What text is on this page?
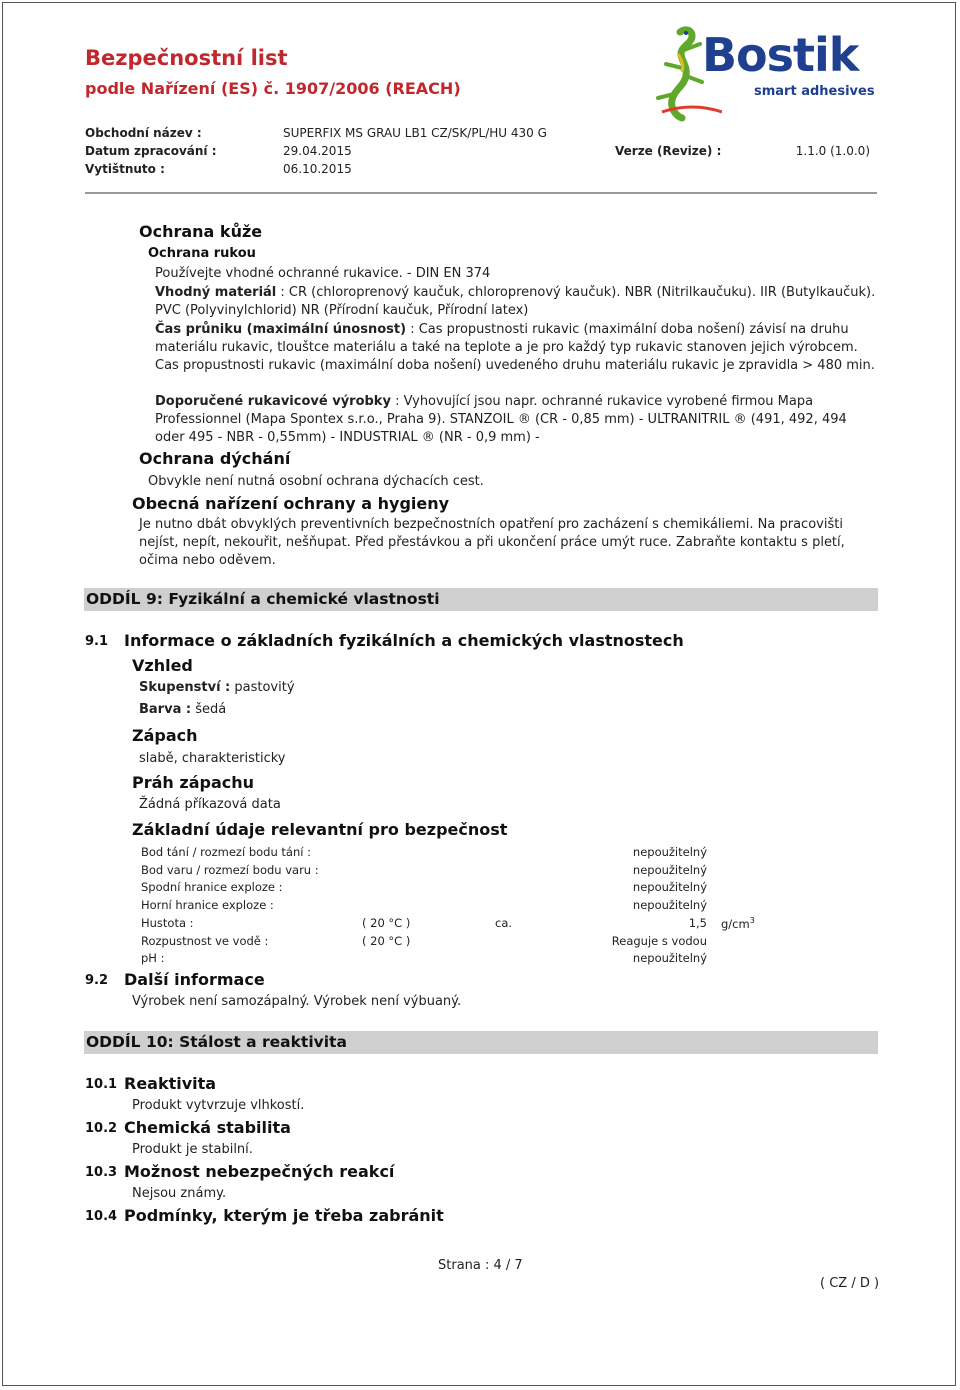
Bezpečnostní list
podle Nařízení (ES) č. 1907/2006 (REACH)
Bostik
smart adhesives
Obchodní název :	SUPERFIX MS GRAU LB1 CZ/SK/PL/HU 430 G
Datum zpracování :	29.04.2015	Verze (Revize) :	1.1.0 (1.0.0)
Vytištnuto :	06.10.2015
Ochrana kůže
Ochrana rukou
Používejte vhodné ochranné rukavice. - DIN EN 374
Vhodný materiál : CR (chloroprenový kaučuk, chloroprenový kaučuk). NBR (Nitrilkaučuku). IIR (Butylkaučuk). PVC (Polyvinylchlorid) NR (Přírodní kaučuk, Přírodní latex)
Čas průniku (maximální únosnost) : Cas propustnosti rukavic (maximální doba nošení) závisí na druhu materiálu rukavic, tlouštce materiálu a také na teplote a je pro každý typ rukavic stanoven jejich výrobcem. Cas propustnosti rukavic (maximální doba nošení) uvedeného druhu materiálu rukavic je zpravidla > 480 min.
Doporučené rukavicové výrobky : Vyhovující jsou napr. ochranné rukavice vyrobené firmou Mapa Professionnel (Mapa Spontex s.r.o., Praha 9). STANZOIL ® (CR - 0,85 mm) - ULTRANITRIL ® (491, 492, 494 oder 495 - NBR - 0,55mm) - INDUSTRIAL ® (NR - 0,9 mm) -
Ochrana dýchání
Obvykle není nutná osobní ochrana dýchacích cest.
Obecná nařízení ochrany a hygieny
Je nutno dbát obvyklých preventivních bezpečnostních opatření pro zacházení s chemikáliemi. Na pracovišti nejíst, nepít, nekouřit, nešňupat. Před přestávkou a při ukončení práce umýt ruce. Zabraňte kontaktu s pletí, očima nebo oděvem.
ODDÍL 9: Fyzikální a chemické vlastnosti
9.1 Informace o základních fyzikálních a chemických vlastnostech
Vzhled
Skupenství : pastovitý
Barva : šedá
Zápach
slabě, charakteristicky
Práh zápachu
Žádná příkazová data
Základní údaje relevantní pro bezpečnost
Bod tání / rozmezí bodu tání :	nepoužitelný
Bod varu / rozmezí bodu varu :	nepoužitelný
Spodní hranice exploze :	nepoužitelný
Horní hranice exploze :	nepoužitelný
Hustota :	( 20 °C )	ca.	1,5 $g/cm^3$
Rozpustnost ve vodě :	( 20 °C )	Reaguje s vodou
pH :	nepoužitelný
9.2 Další informace
Výrobek není samozápalný. Výrobek není výbuaný.
ODDÍL 10: Stálost a reaktivita
10.1 Reaktivita
Produkt vytvrzuje vlhkostí.
10.2 Chemická stabilita
Produkt je stabilní.
10.3 Možnost nebezpečných reakcí
Nejsou známy.
10.4 Podmínky, kterým je třeba zabránit
Strana : 4 / 7
( CZ / D )
